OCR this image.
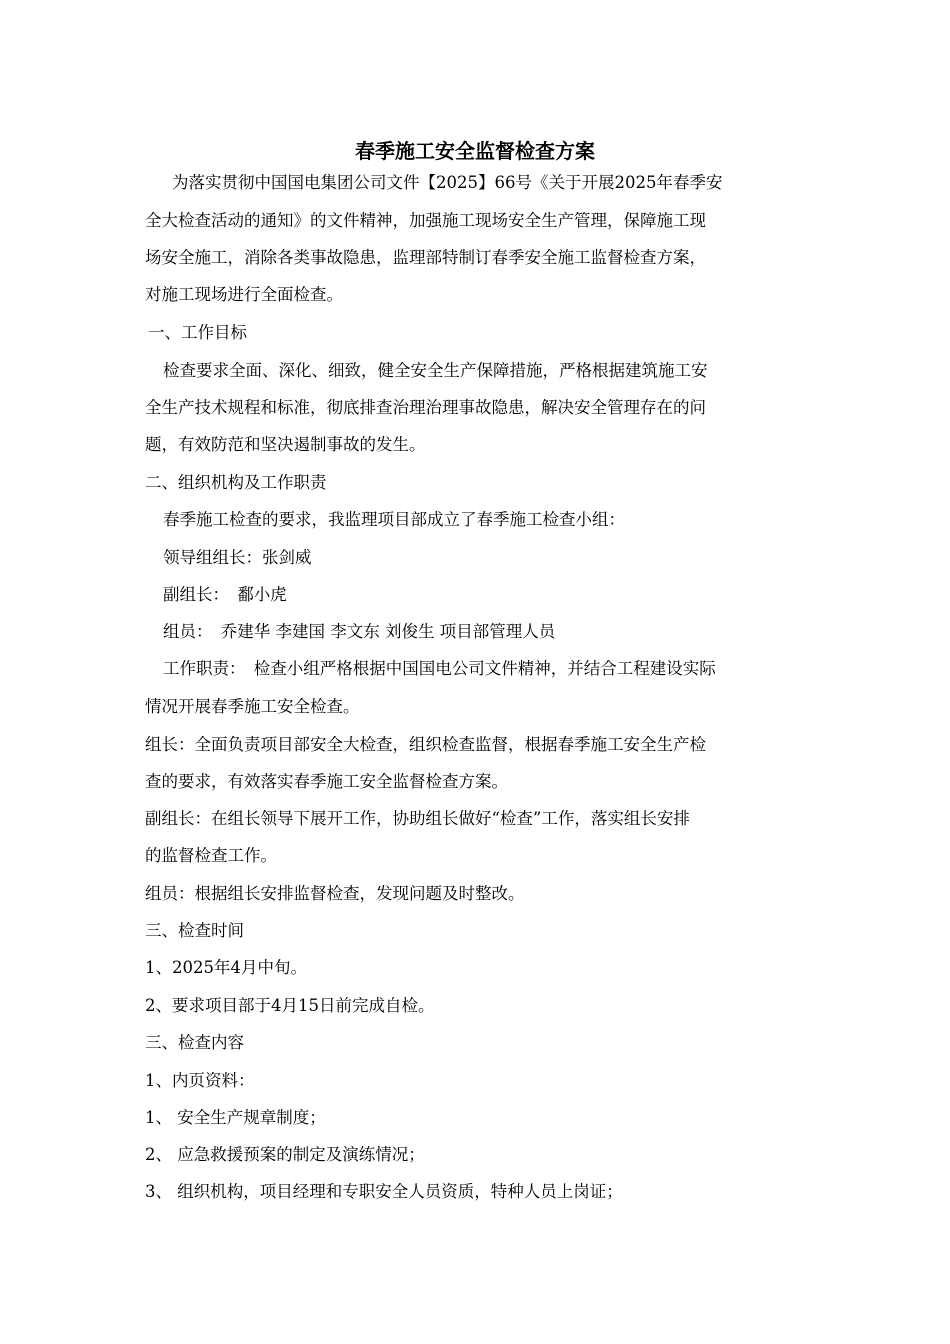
春季施工安全监督检查方案
为落实贯彻中国国电集团公司文件【2025】66号《关于开展2025年春季安
全大检查活动的通知》的文件精神，加强施工现场安全生产管理，保障施工现
场安全施工，消除各类事故隐患，监理部特制订春季安全施工监督检查方案，
对施工现场进行全面检查。
一、工作目标
检查要求全面、深化、细致，健全安全生产保障措施，严格根据建筑施工安
全生产技术规程和标准，彻底排查治理治理事故隐患，解决安全管理存在的问
题，有效防范和坚决遏制事故的发生。
二、组织机构及工作职责
春季施工检查的要求，我监理项目部成立了春季施工检查小组：
领导组组长：张剑威
副组长：　鄱小虎
组员：　乔建华 李建国 李文东 刘俊生 项目部管理人员
工作职责：　检查小组严格根据中国国电公司文件精神，并结合工程建设实际
情况开展春季施工安全检查。
组长：全面负责项目部安全大检查，组织检查监督，根据春季施工安全生产检
查的要求，有效落实春季施工安全监督检查方案。
副组长：在组长领导下展开工作，协助组长做好“检查”工作，落实组长安排
的监督检查工作。
组员：根据组长安排监督检查，发现问题及时整改。
三、检查时间
1、2025年4月中旬。
2、要求项目部于4月15日前完成自检。
三、检查内容
1、内页资料：
1、 安全生产规章制度；
2、 应急救援预案的制定及演练情况；
3、 组织机构，项目经理和专职安全人员资质，特种人员上岗证；
